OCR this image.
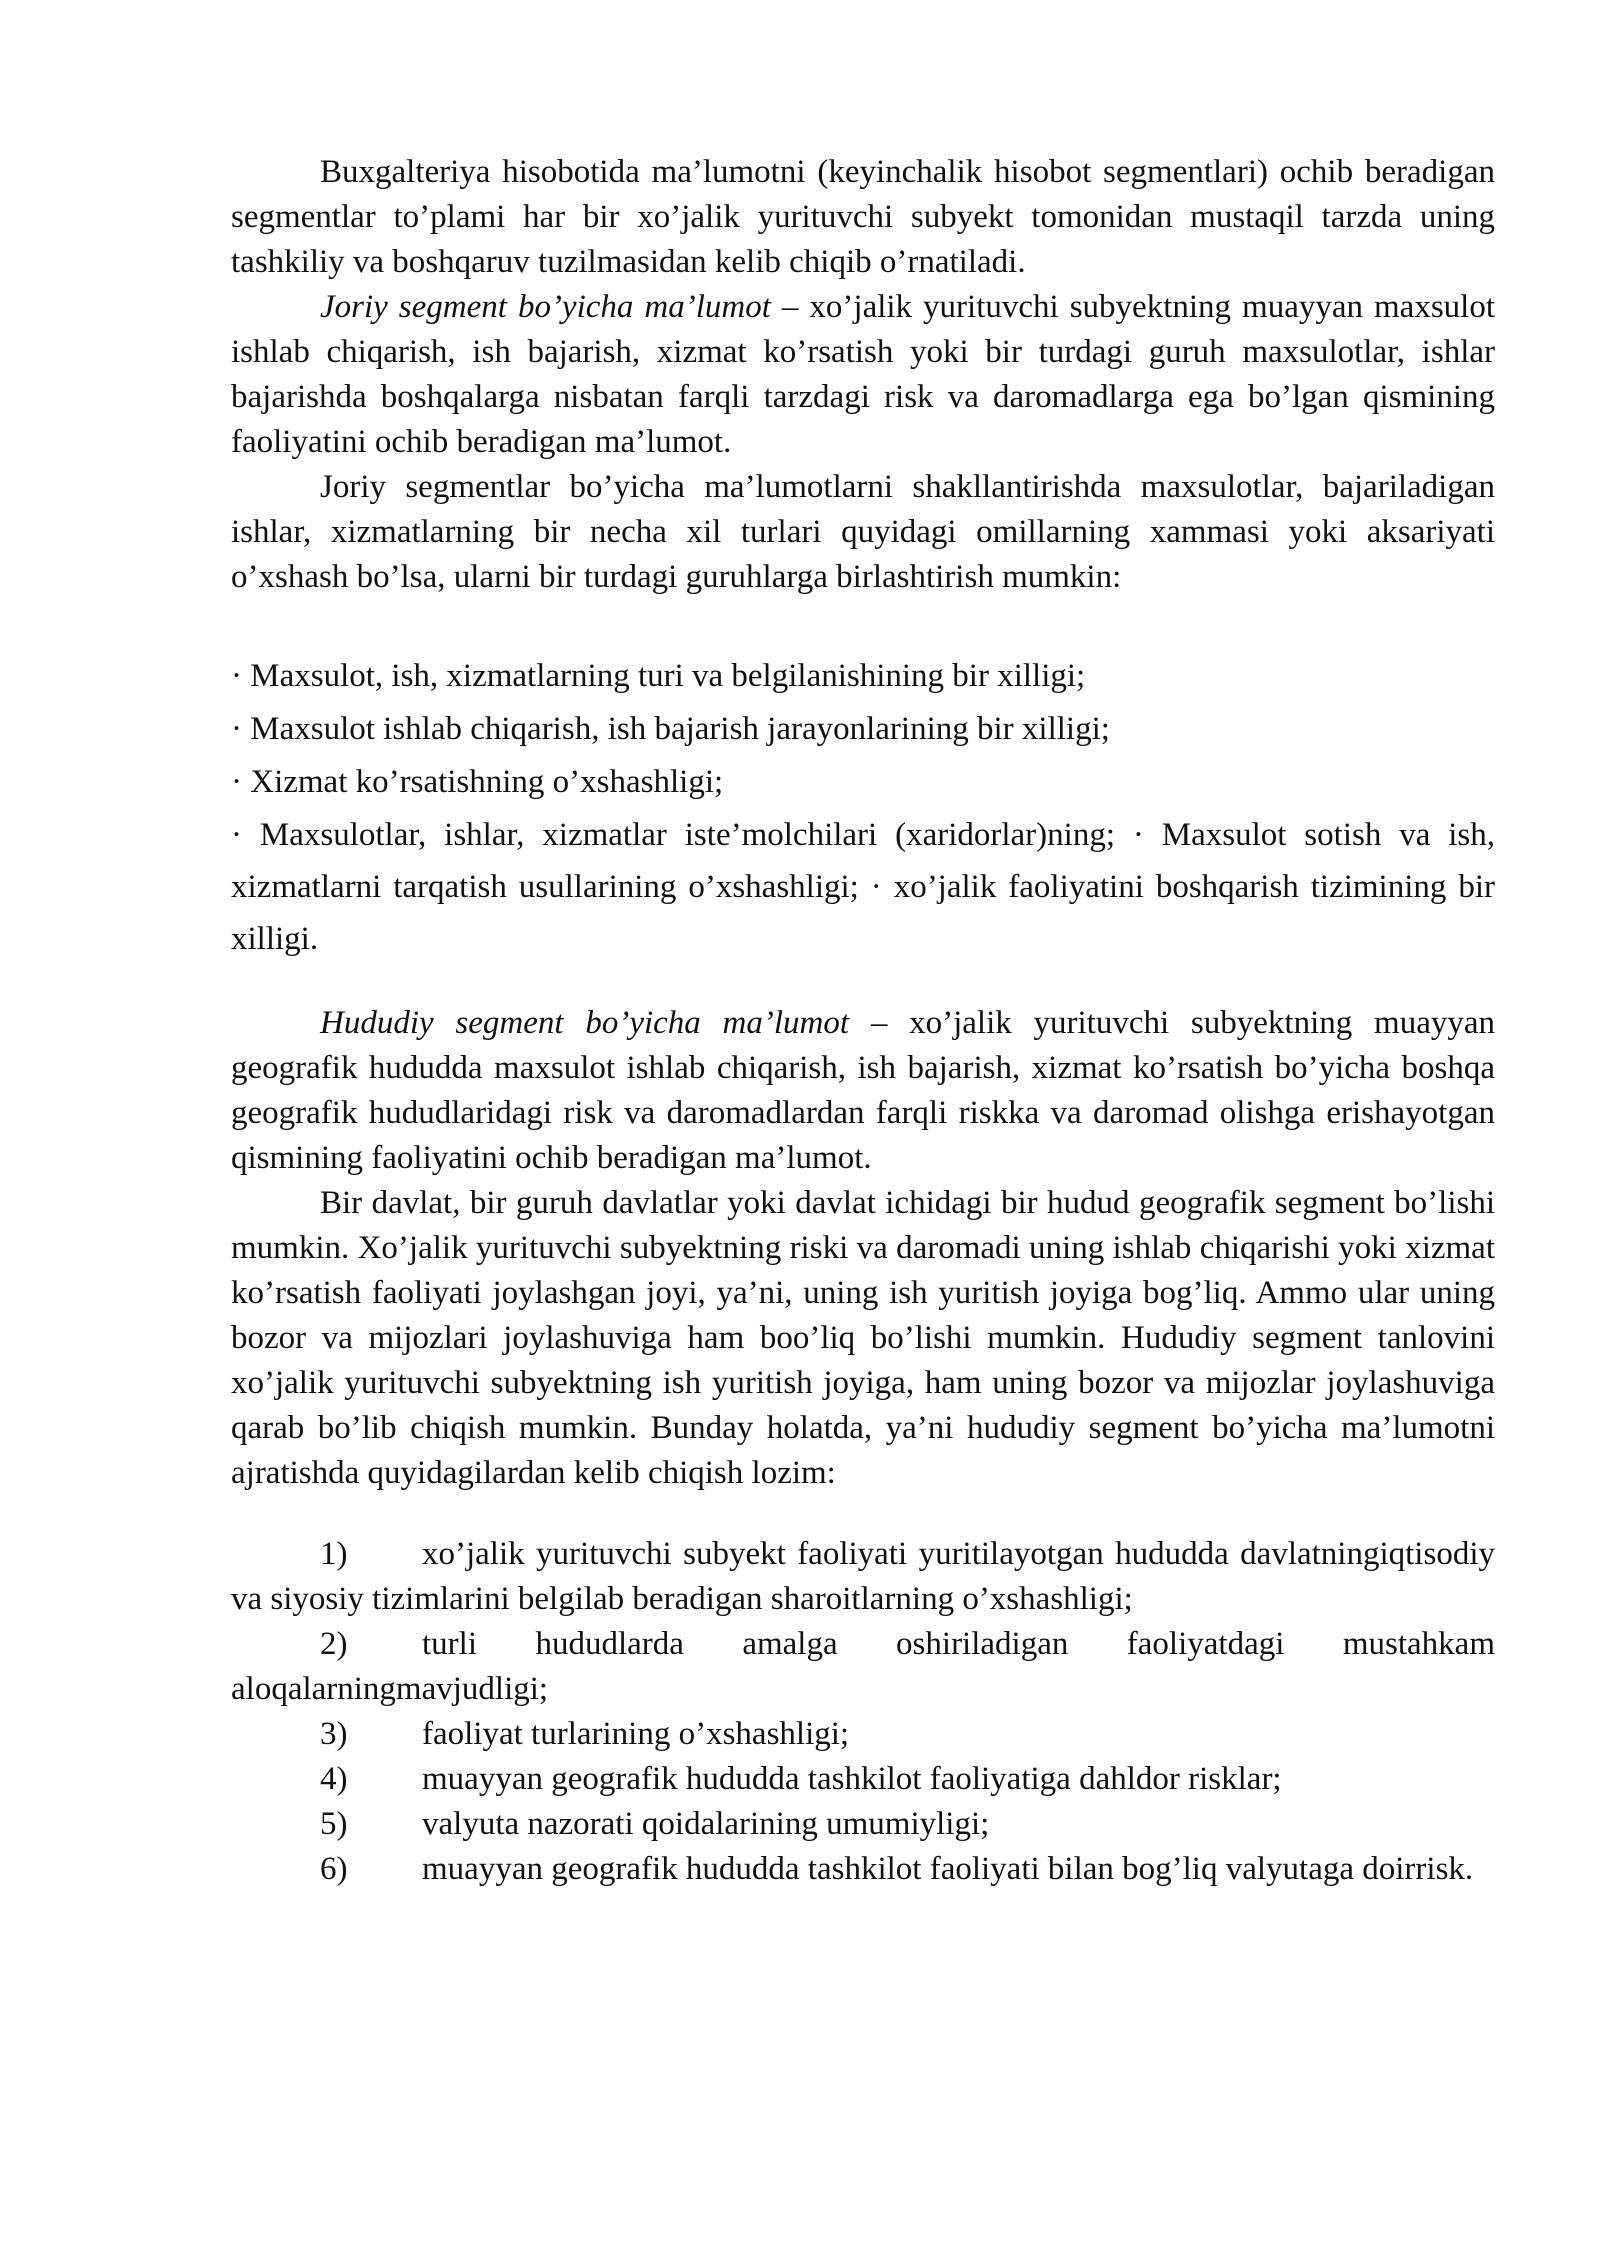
Buxgalteriya hisobotida ma’lumotni (keyinchalik hisobot segmentlari) ochib beradigan segmentlar to’plami har bir xo’jalik yurituvchi subyekt tomonidan mustaqil tarzda uning tashkiliy va boshqaruv tuzilmasidan kelib chiqib o’rnatiladi.

Joriy segment bo’yicha ma’lumot – xo’jalik yurituvchi subyektning muayyan maxsulot ishlab chiqarish, ish bajarish, xizmat ko’rsatish yoki bir turdagi guruh maxsulotlar, ishlar bajarishda boshqalarga nisbatan farqli tarzdagi risk va daromadlarga ega bo’lgan qismining faoliyatini ochib beradigan ma’lumot.

Joriy segmentlar bo’yicha ma’lumotlarni shakllantirishda maxsulotlar, bajariladigan ishlar, xizmatlarning bir necha xil turlari quyidagi omillarning xammasi yoki aksariyati o’xshash bo’lsa, ularni bir turdagi guruhlarga birlashtirish mumkin:

· Maxsulot, ish, xizmatlarning turi va belgilanishining bir xilligi;

· Maxsulot ishlab chiqarish, ish bajarish jarayonlarining bir xilligi;

· Xizmat ko’rsatishning o’xshashligi;

· Maxsulotlar, ishlar, xizmatlar iste’molchilari (xaridorlar)ning; · Maxsulot sotish va ish, xizmatlarni tarqatish usullarining o’xshashligi; · xo’jalik faoliyatini boshqarish tizimining bir xilligi.

Hududiy segment bo’yicha ma’lumot – xo’jalik yurituvchi subyektning muayyan geografik hududda maxsulot ishlab chiqarish, ish bajarish, xizmat ko’rsatish bo’yicha boshqa geografik hududlaridagi risk va daromadlardan farqli riskka va daromad olishga erishayotgan qismining faoliyatini ochib beradigan ma’lumot.

Bir davlat, bir guruh davlatlar yoki davlat ichidagi bir hudud geografik segment bo’lishi mumkin. Xo’jalik yurituvchi subyektning riski va daromadi uning ishlab chiqarishi yoki xizmat ko’rsatish faoliyati joylashgan joyi, ya’ni, uning ish yuritish joyiga bog’liq. Ammo ular uning bozor va mijozlari joylashuviga ham boo’liq bo’lishi mumkin. Hududiy segment tanlovini xo’jalik yurituvchi subyektning ish yuritish joyiga, ham uning bozor va mijozlar joylashuviga qarab bo’lib chiqish mumkin. Bunday holatda, ya’ni hududiy segment bo’yicha ma’lumotni ajratishda quyidagilardan kelib chiqish lozim:

1) xo’jalik yurituvchi subyekt faoliyati yuritilayotgan hududda davlatningiqtisodiy va siyosiy tizimlarini belgilab beradigan sharoitlarning o’xshashligi;

2) turli hududlarda amalga oshiriladigan faoliyatdagi mustahkam aloqalarningmavjudligi;

3) faoliyat turlarining o’xshashligi;

4) muayyan geografik hududda tashkilot faoliyatiga dahldor risklar;

5) valyuta nazorati qoidalarining umumiyligi;

6) muayyan geografik hududda tashkilot faoliyati bilan bog’liq valyutaga doirrisk.
